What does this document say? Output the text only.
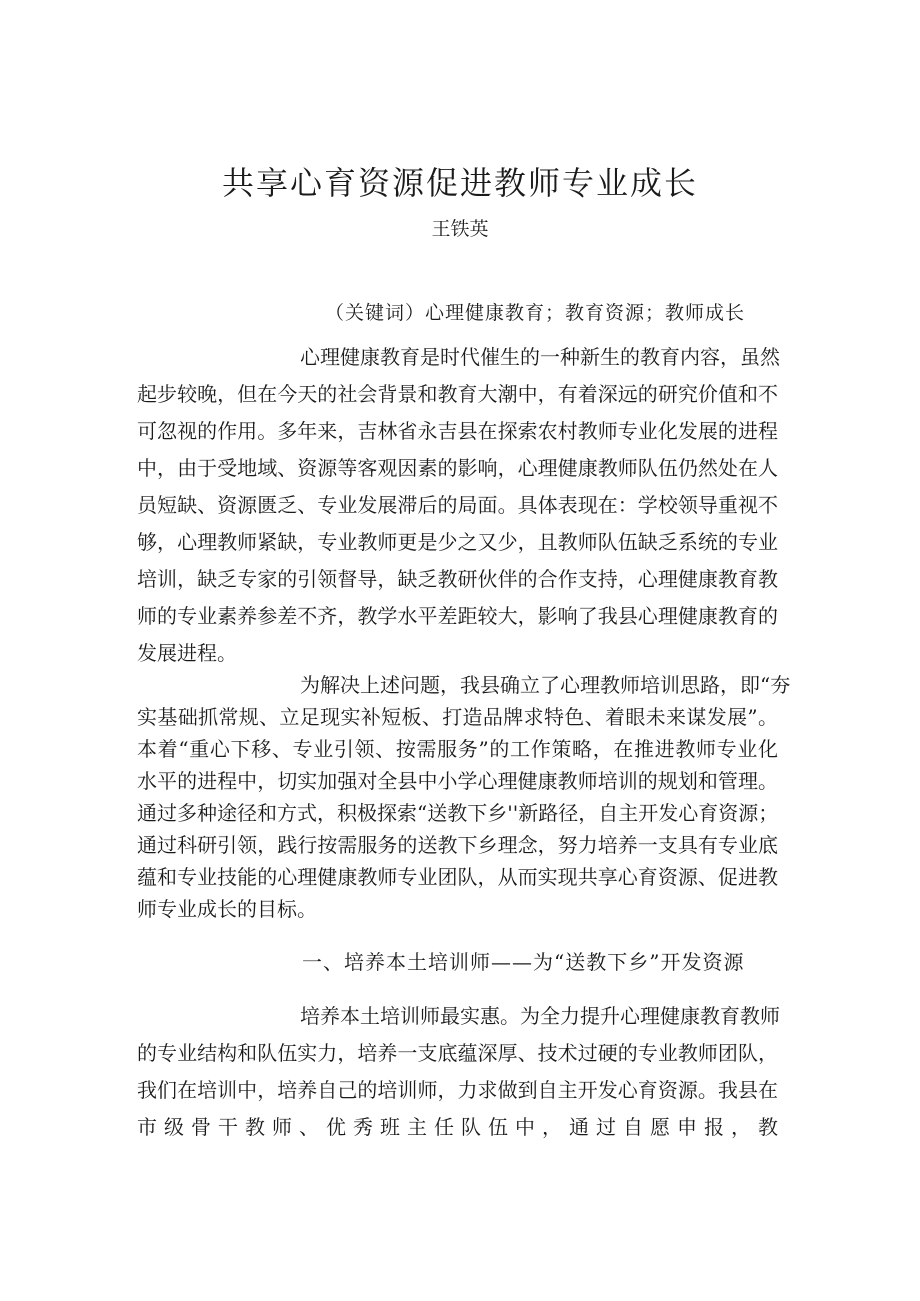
共享心育资源促进教师专业成长
王铁英
（关键词）心理健康教育；教育资源；教师成长
心理健康教育是时代催生的一种新生的教育内容，虽然
起步较晚，但在今天的社会背景和教育大潮中，有着深远的研究价值和不
可忽视的作用。多年来，吉林省永吉县在探索农村教师专业化发展的进程
中，由于受地域、资源等客观因素的影响，心理健康教师队伍仍然处在人
员短缺、资源匮乏、专业发展滞后的局面。具体表现在：学校领导重视不
够，心理教师紧缺，专业教师更是少之又少，且教师队伍缺乏系统的专业
培训，缺乏专家的引领督导，缺乏教研伙伴的合作支持，心理健康教育教
师的专业素养参差不齐，教学水平差距较大，影响了我县心理健康教育的
发展进程。
为解决上述问题，我县确立了心理教师培训思路，即“夯
实基础抓常规、立足现实补短板、打造品牌求特色、着眼未来谋发展”。
本着“重心下移、专业引领、按需服务”的工作策略，在推进教师专业化
水平的进程中，切实加强对全县中小学心理健康教师培训的规划和管理。
通过多种途径和方式，积极探索“送教下乡''新路径，自主开发心育资源；
通过科研引领，践行按需服务的送教下乡理念，努力培养一支具有专业底
蕴和专业技能的心理健康教师专业团队，从而实现共享心育资源、促进教
师专业成长的目标。
一、培养本土培训师——为“送教下乡”开发资源
培养本土培训师最实惠。为全力提升心理健康教育教师
的专业结构和队伍实力，培养一支底蕴深厚、技术过硬的专业教师团队，
我们在培训中，培养自己的培训师，力求做到自主开发心育资源。我县在
市级骨干教师、优秀班主任队伍中，通过自愿申报，教
